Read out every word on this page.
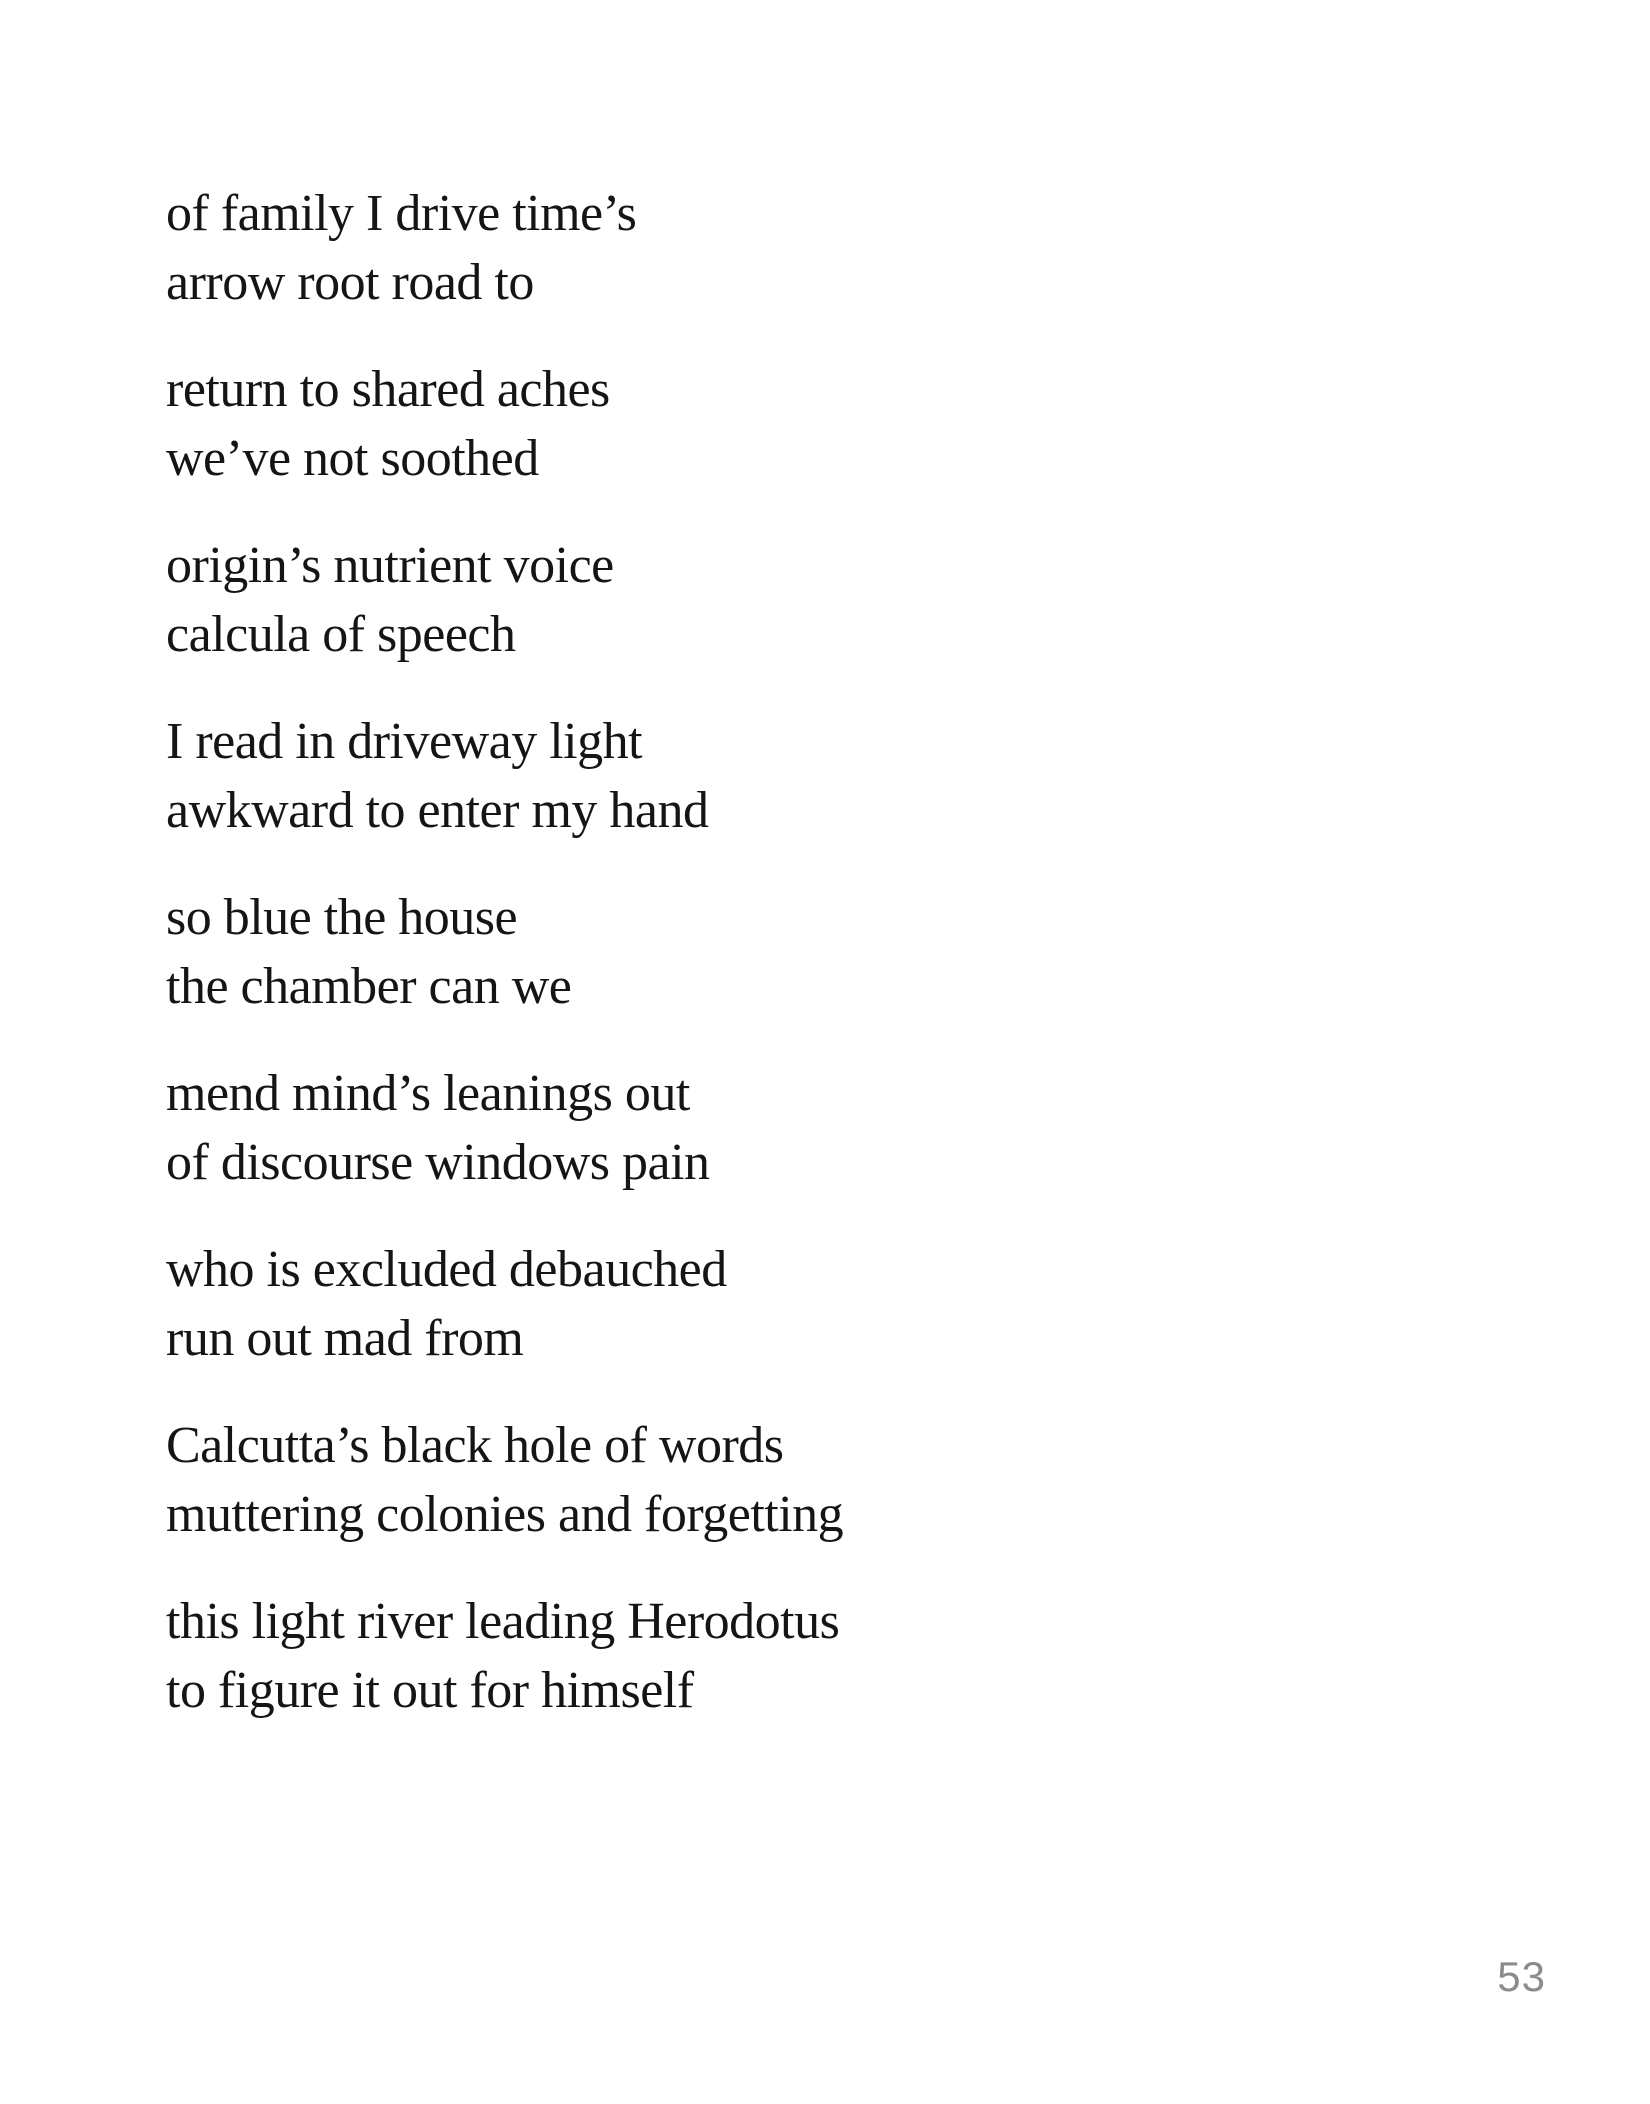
of family I drive time’s
arrow root road to

return to shared aches
we’ve not soothed

origin’s nutrient voice
calcula of speech

I read in driveway light
awkward to enter my hand

so blue the house
the chamber can we

mend mind’s leanings out
of discourse windows pain

who is excluded debauched
run out mad from

Calcutta’s black hole of words
muttering colonies and forgetting

this light river leading Herodotus
to figure it out for himself

53
